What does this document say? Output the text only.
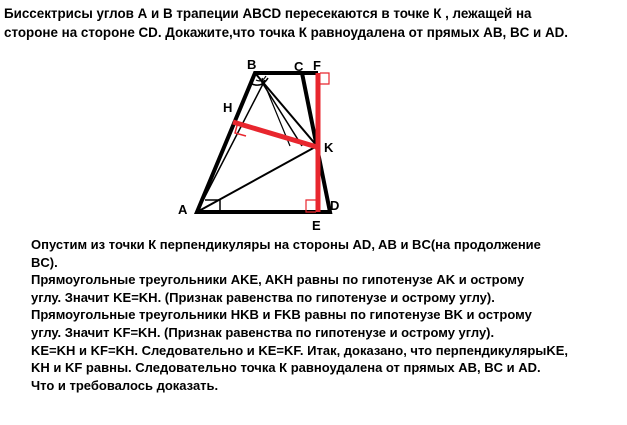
Биссектрисы углов А и В трапеции ABCD пересекаются в точке К , лежащей на
стороне на стороне CD. Докажите,что точка К равноудалена от прямых AB, BC и AD.
A
B	C F
H
K
D
E
Опустим из точки К перпендикуляры на стороны AD, AB и BC(на продолжение
BC).
Прямоугольные треугольники AKE, AKH равны по гипотенузе AK и острому
углу. Значит KE=KH. (Признак равенства по гипотенузе и острому углу).
Прямоугольные треугольники HKB и FKB равны по гипотенузе BK и острому
углу. Значит KF=KH. (Признак равенства по гипотенузе и острому углу).
KE=KH и KF=KH. Следовательно и KE=KF. Итак, доказано, что перпендикулярыKE,
KH и KF равны. Следовательно точка К равноудалена от прямых AB, BC и AD.
Что и требовалось доказать.
